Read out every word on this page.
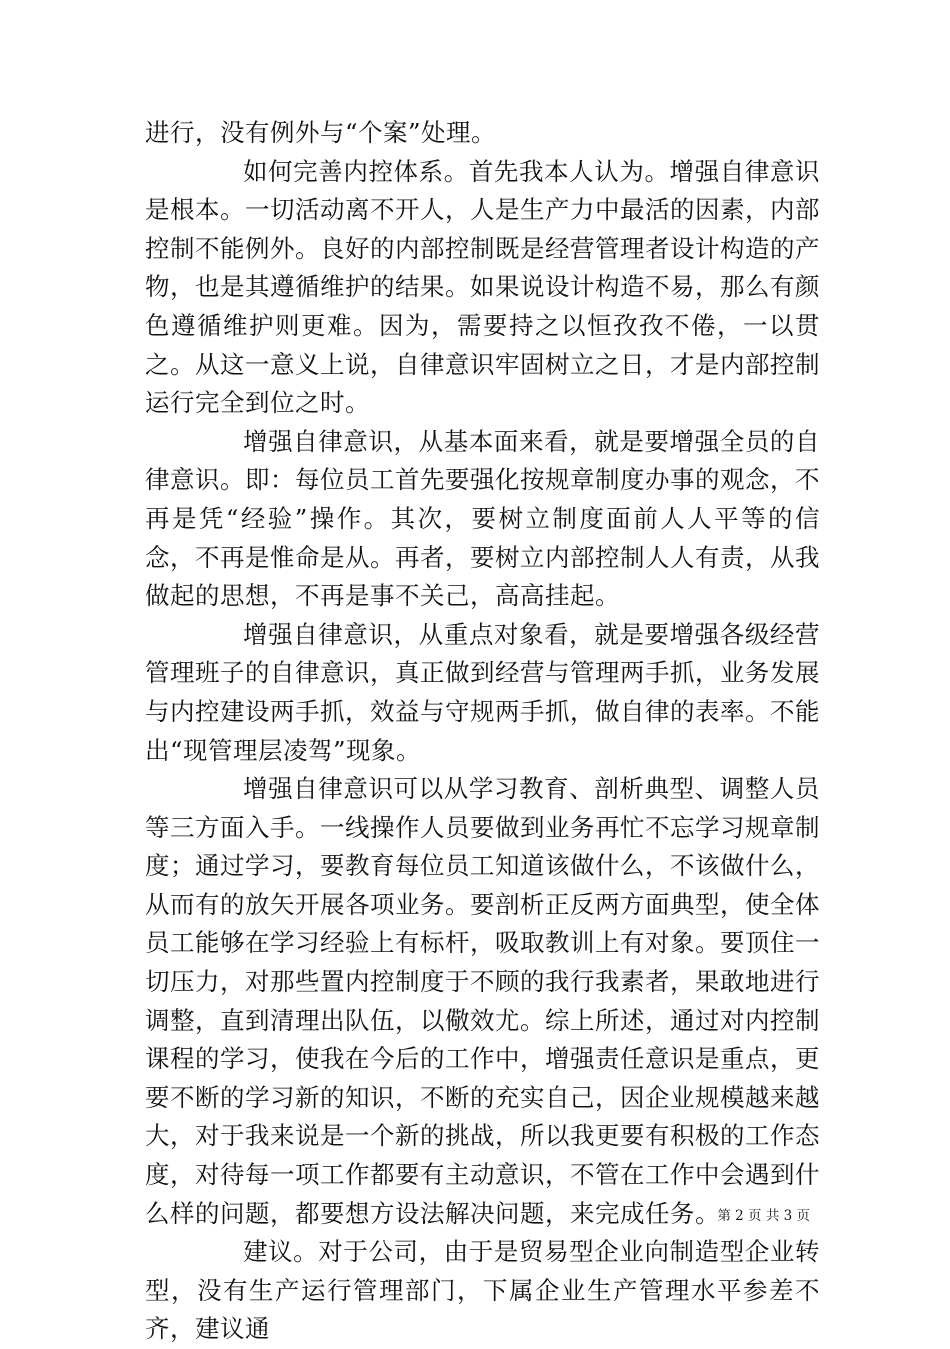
进行，没有例外与“个案”处理。

如何完善内控体系。首先我本人认为。增强自律意识是根本。一切活动离不开人，人是生产力中最活的因素，内部控制不能例外。良好的内部控制既是经营管理者设计构造的产物，也是其遵循维护的结果。如果说设计构造不易，那么有颜色遵循维护则更难。因为，需要持之以恒孜孜不倦，一以贯之。从这一意义上说，自律意识牢固树立之日，才是内部控制运行完全到位之时。

增强自律意识，从基本面来看，就是要增强全员的自律意识。即：每位员工首先要强化按规章制度办事的观念，不再是凭“经验”操作。其次，要树立制度面前人人平等的信念，不再是惟命是从。再者，要树立内部控制人人有责，从我做起的思想，不再是事不关己，高高挂起。

增强自律意识，从重点对象看，就是要增强各级经营管理班子的自律意识，真正做到经营与管理两手抓，业务发展与内控建设两手抓，效益与守规两手抓，做自律的表率。不能出“现管理层凌驾”现象。

增强自律意识可以从学习教育、剖析典型、调整人员等三方面入手。一线操作人员要做到业务再忙不忘学习规章制度；通过学习，要教育每位员工知道该做什么，不该做什么，从而有的放矢开展各项业务。要剖析正反两方面典型，使全体员工能够在学习经验上有标杆，吸取教训上有对象。要顶住一切压力，对那些置内控制度于不顾的我行我素者，果敢地进行调整，直到清理出队伍，以儆效尤。综上所述，通过对内控制课程的学习，使我在今后的工作中，增强责任意识是重点，更要不断的学习新的知识，不断的充实自己，因企业规模越来越大，对于我来说是一个新的挑战，所以我更要有积极的工作态度，对待每一项工作都要有主动意识，不管在工作中会遇到什么样的问题，都要想方设法解决问题，来完成任务。

建议。对于公司，由于是贸易型企业向制造型企业转型，没有生产运行管理部门，下属企业生产管理水平参差不齐，建议通

第 2 页 共 3 页
